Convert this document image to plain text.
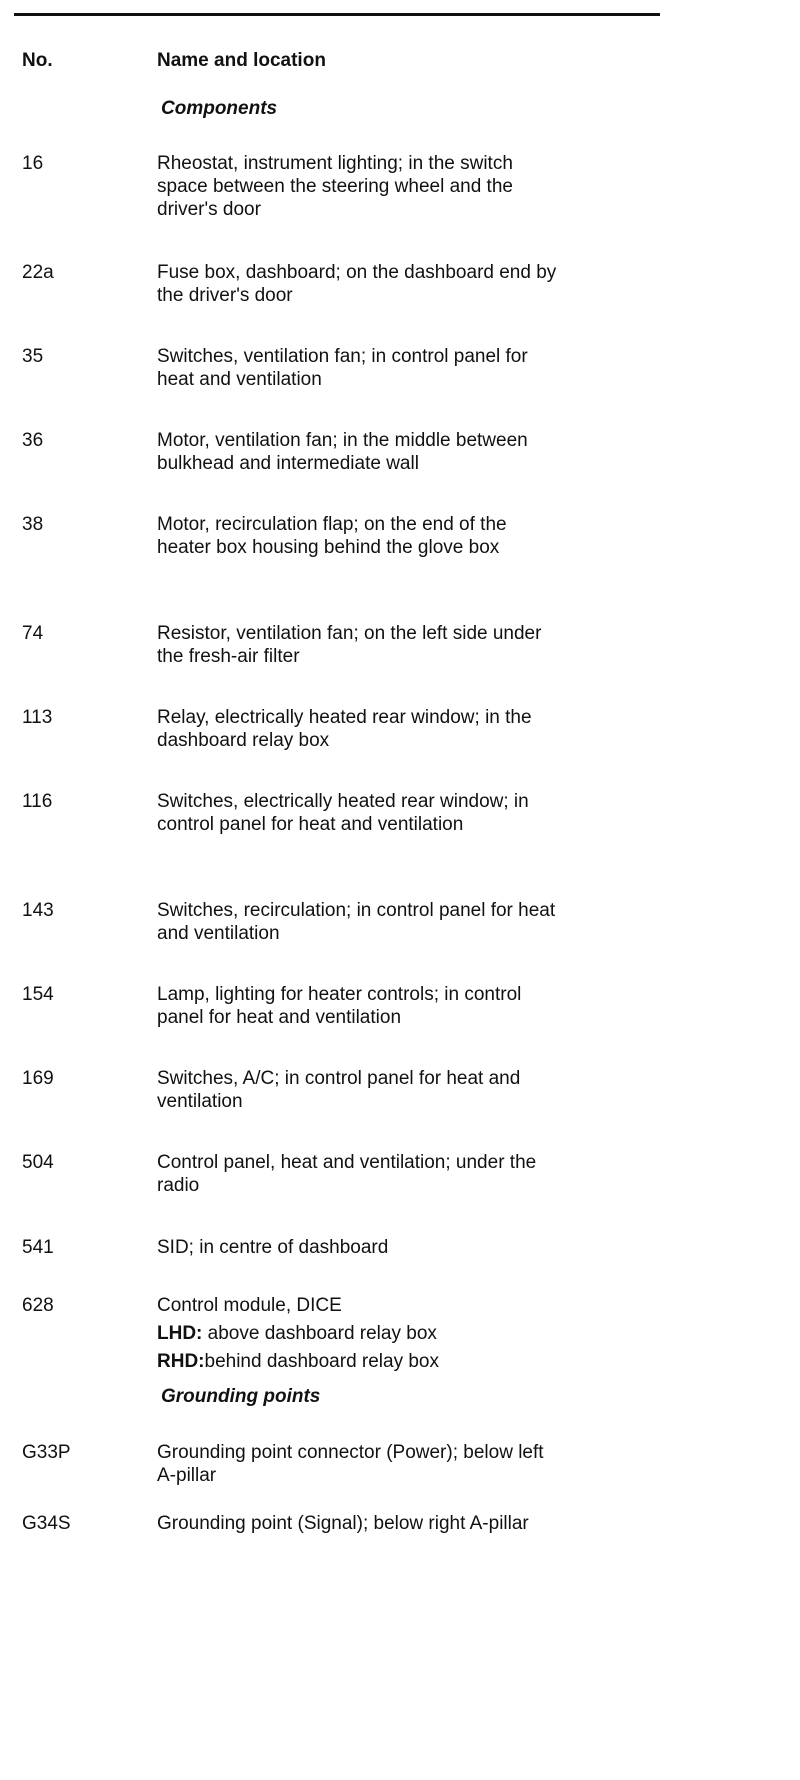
No.	Name and location
Components
16	Rheostat, instrument lighting; in the switch space between the steering wheel and the driver's door
22a	Fuse box, dashboard; on the dashboard end by the driver's door
35	Switches, ventilation fan; in control panel for heat and ventilation
36	Motor, ventilation fan; in the middle between bulkhead and intermediate wall
38	Motor, recirculation flap; on the end of the heater box housing behind the glove box
74	Resistor, ventilation fan; on the left side under the fresh-air filter
113	Relay, electrically heated rear window; in the dashboard relay box
116	Switches, electrically heated rear window; in control panel for heat and ventilation
143	Switches, recirculation; in control panel for heat and ventilation
154	Lamp, lighting for heater controls; in control panel for heat and ventilation
169	Switches, A/C; in control panel for heat and ventilation
504	Control panel, heat and ventilation; under the radio
541	SID; in centre of dashboard
628	Control module, DICE
LHD: above dashboard relay box
RHD:behind dashboard relay box
Grounding points
G33P	Grounding point connector (Power); below left A-pillar
G34S	Grounding point (Signal); below right A-pillar
